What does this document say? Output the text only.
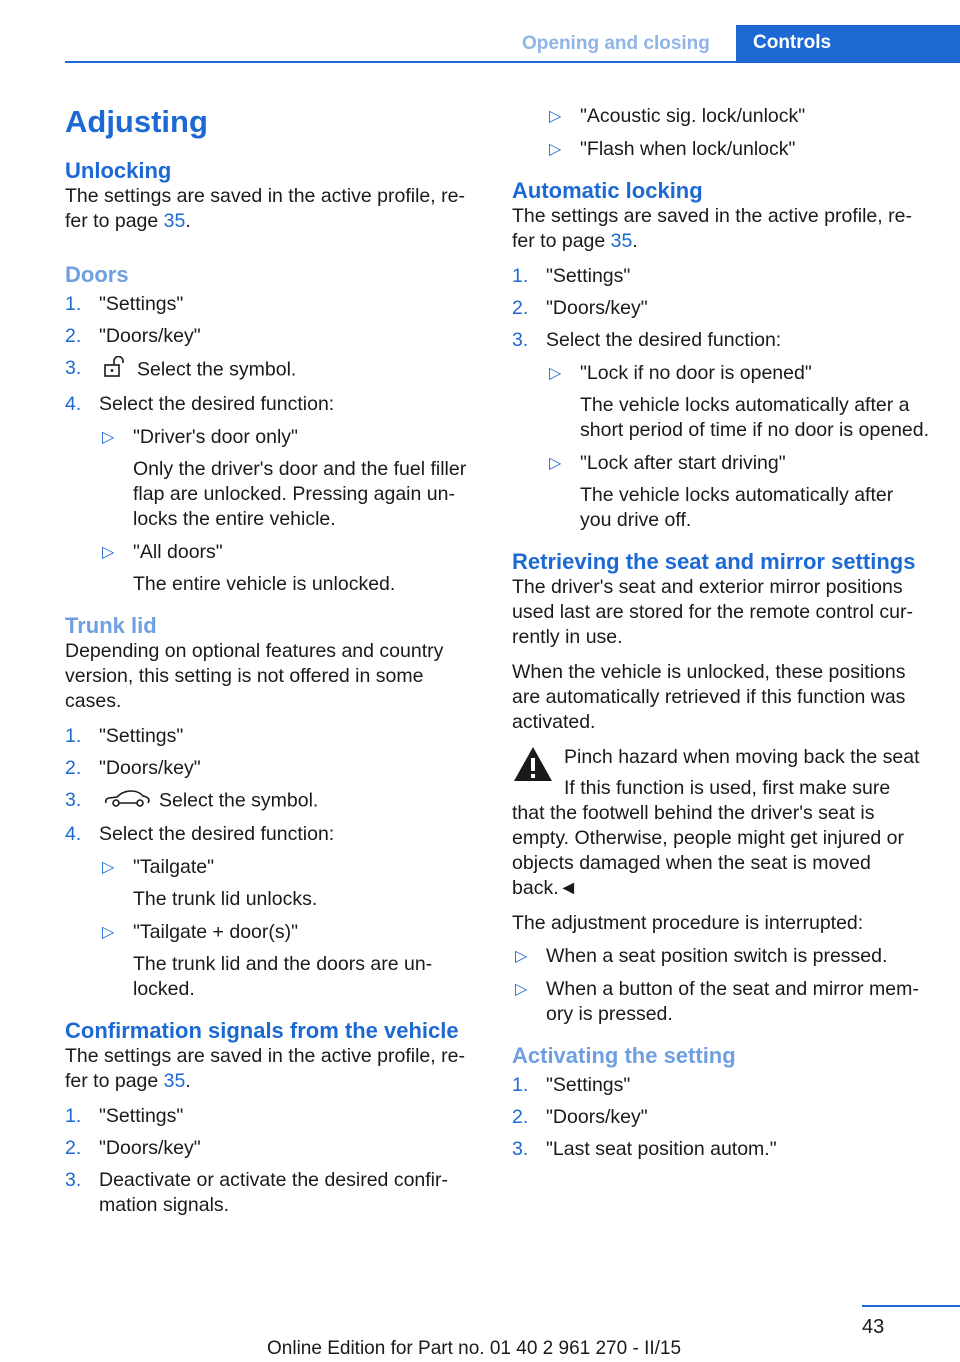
Opening and closing	Controls
Adjusting
Unlocking

The settings are saved in the active profile, re‐ fer to page 35.

Doors
1. "Settings"
2. "Doors/key"
3.	Select the symbol.
4. Select the desired function:
▷ "Driver's door only"
Only the driver's door and the fuel filler flap are unlocked. Pressing again un‐ locks the entire vehicle.
▷ "All doors"
The entire vehicle is unlocked.
Trunk lid

Depending on optional features and country version, this setting is not offered in some cases.

1. "Settings"
2. "Doors/key"
3.	Select the symbol.
4. Select the desired function:
▷ "Tailgate"
The trunk lid unlocks.
▷ "Tailgate + door(s)"
The trunk lid and the doors are un‐ locked.
Confirmation signals from the vehicle

The settings are saved in the active profile, re‐ fer to page 35.

1. "Settings"
2. "Doors/key"
3. Deactivate or activate the desired confir‐ mation signals.
▷ "Acoustic sig. lock/unlock"
▷ "Flash when lock/unlock"
Automatic locking

The settings are saved in the active profile, re‐ fer to page 35.

1. "Settings"
2. "Doors/key"
3. Select the desired function:
▷ "Lock if no door is opened"
The vehicle locks automatically after a short period of time if no door is opened.
▷ "Lock after start driving"
The vehicle locks automatically after you drive off.
Retrieving the seat and mirror settings

The driver's seat and exterior mirror positions used last are stored for the remote control cur‐ rently in use.

When the vehicle is unlocked, these positions are automatically retrieved if this function was activated.

Pinch hazard when moving back the seat

If this function is used, first make sure

that the footwell behind the driver's seat is empty. Otherwise, people might get injured or objects damaged when the seat is moved back.◄

The adjustment procedure is interrupted:

▷ When a seat position switch is pressed.
▷ When a button of the seat and mirror mem‐ ory is pressed.
Activating the setting
1. "Settings"
2. "Doors/key"
3. "Last seat position autom."
43
Online Edition for Part no. 01 40 2 961 270 - II/15
